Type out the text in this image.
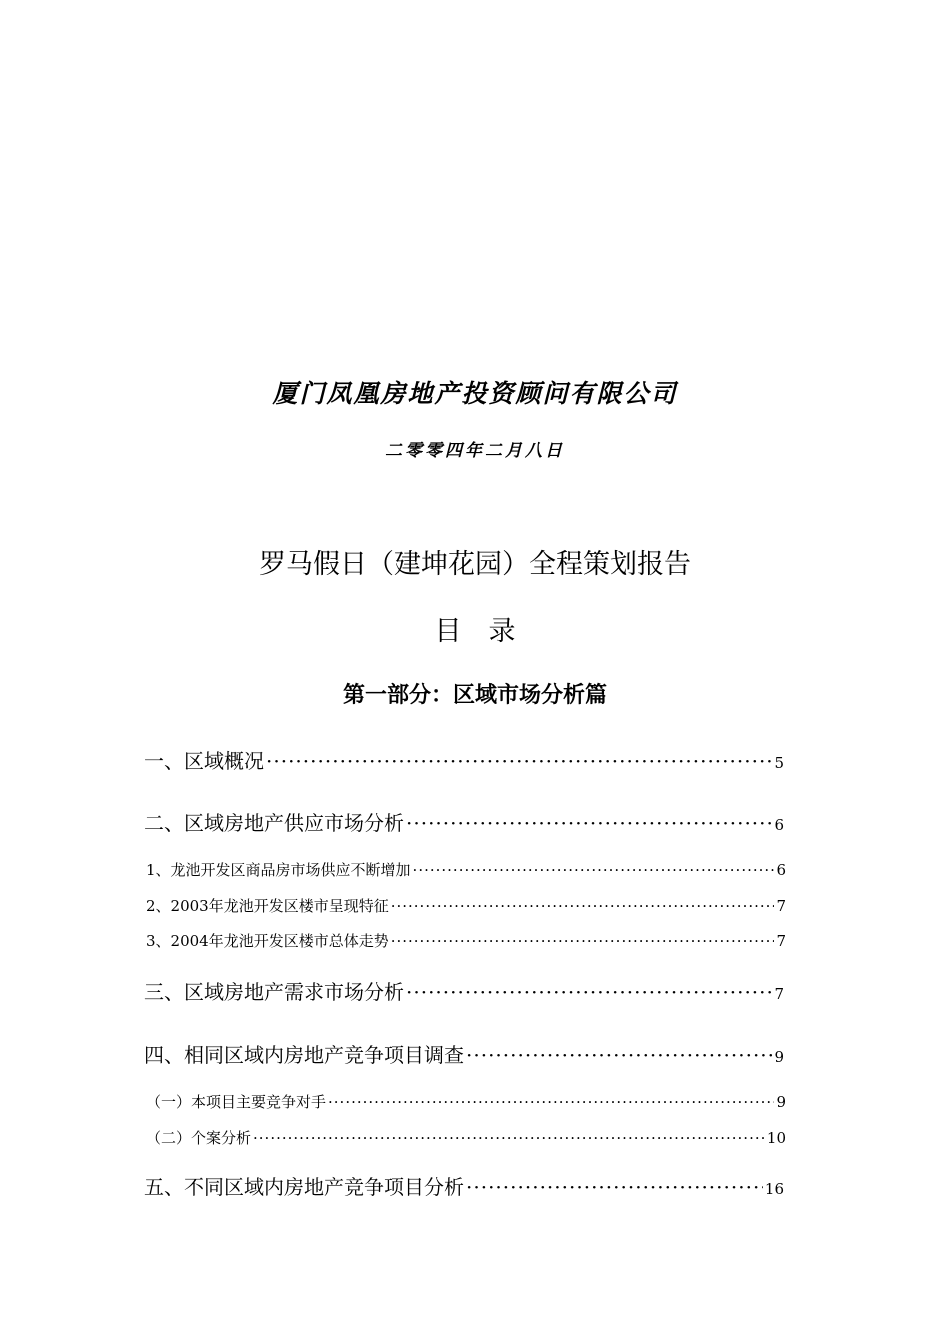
厦门凤凰房地产投资顾问有限公司
二零零四年二月八日
罗马假日（建坤花园）全程策划报告
目　录
第一部分：区域市场分析篇
一、区域概况 ·····	5
二、区域房地产供应市场分析 ·····	6
1、龙池开发区商品房市场供应不断增加 ·····	6
2、2003年龙池开发区楼市呈现特征 ·····	7
3、2004年龙池开发区楼市总体走势 ·····	7
三、区域房地产需求市场分析 ·····	7
四、相同区域内房地产竞争项目调查 ·····	9
（一）本项目主要竞争对手 ·····	9
（二）个案分析 ·····	10
五、不同区域内房地产竞争项目分析 ·····	16
